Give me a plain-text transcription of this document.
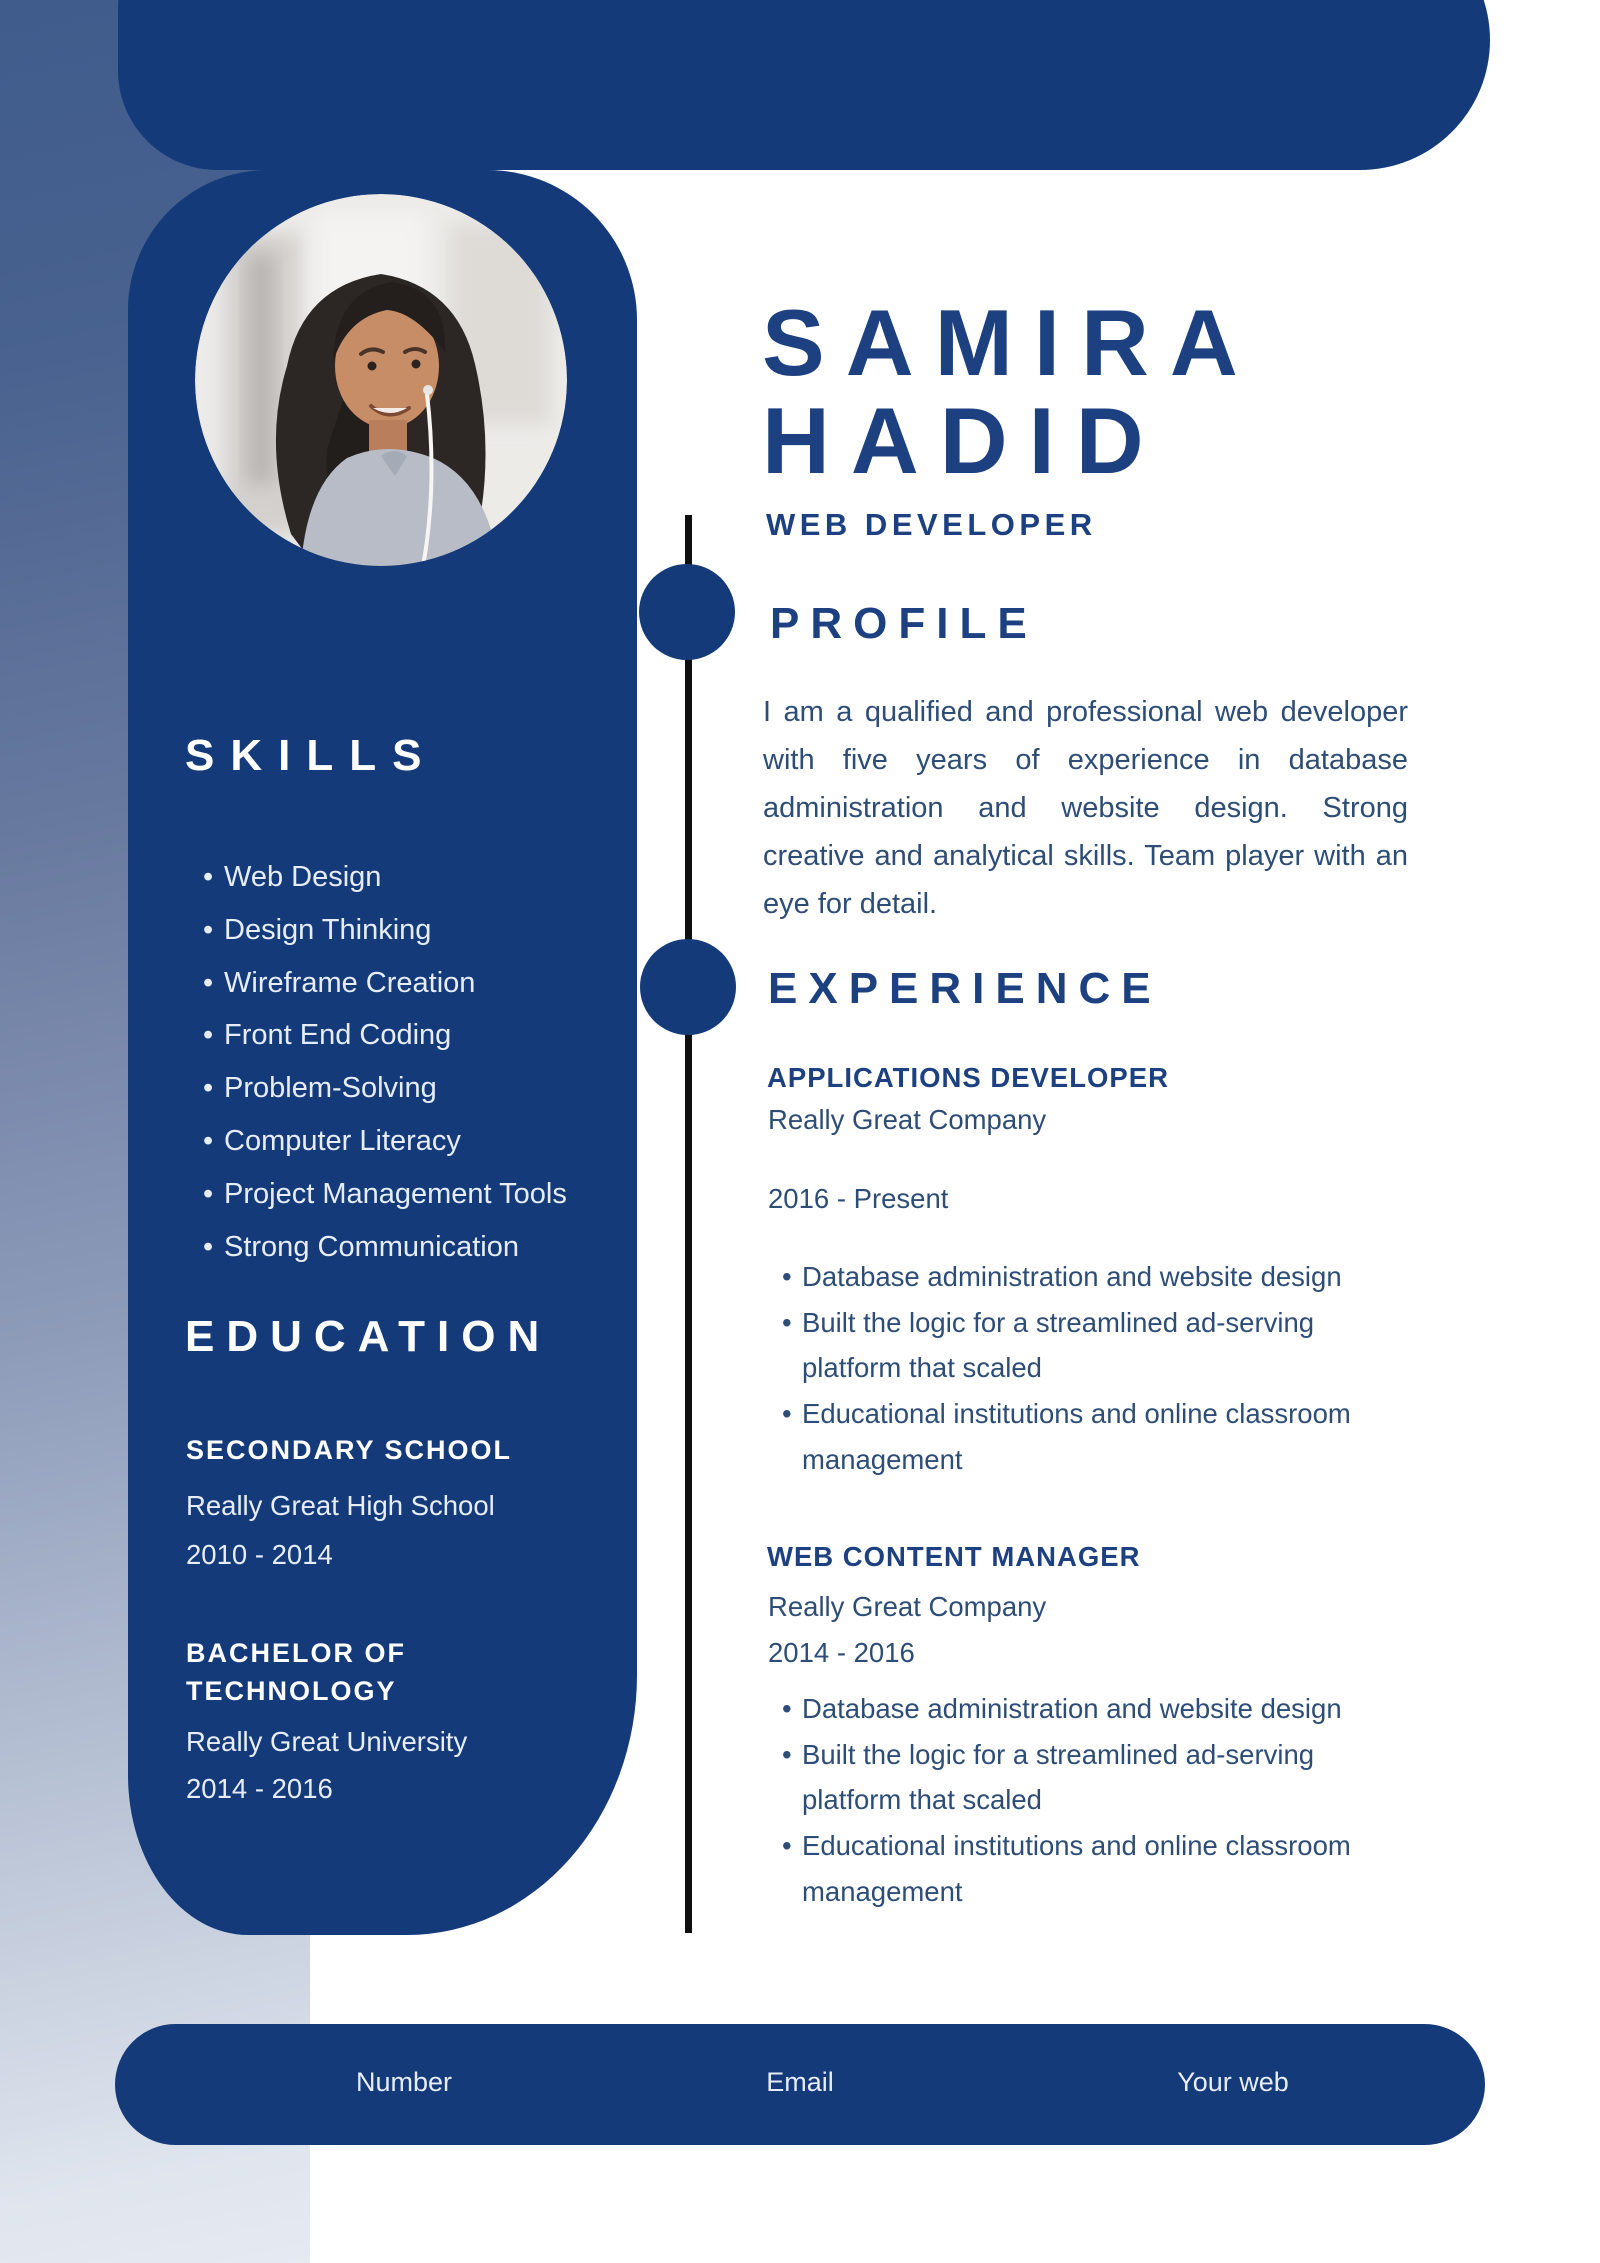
SAMIRA
HADID
WEB DEVELOPER
PROFILE
I am a qualified and professional web developer with five years of experience in database administration and website design. Strong creative and analytical skills. Team player with an eye for detail.
EXPERIENCE
APPLICATIONS DEVELOPER
Really Great Company
2016 - Present
• Database administration and website design
• Built the logic for a streamlined ad-serving platform that scaled
• Educational institutions and online classroom management
WEB CONTENT MANAGER
Really Great Company
2014 - 2016
• Database administration and website design
• Built the logic for a streamlined ad-serving platform that scaled
• Educational institutions and online classroom management
SKILLS
• Web Design
• Design Thinking
• Wireframe Creation
• Front End Coding
• Problem-Solving
• Computer Literacy
• Project Management Tools
• Strong Communication
EDUCATION
SECONDARY SCHOOL
Really Great High School
2010 - 2014
BACHELOR OF TECHNOLOGY
Really Great University
2014 - 2016
Number	Email	Your web
